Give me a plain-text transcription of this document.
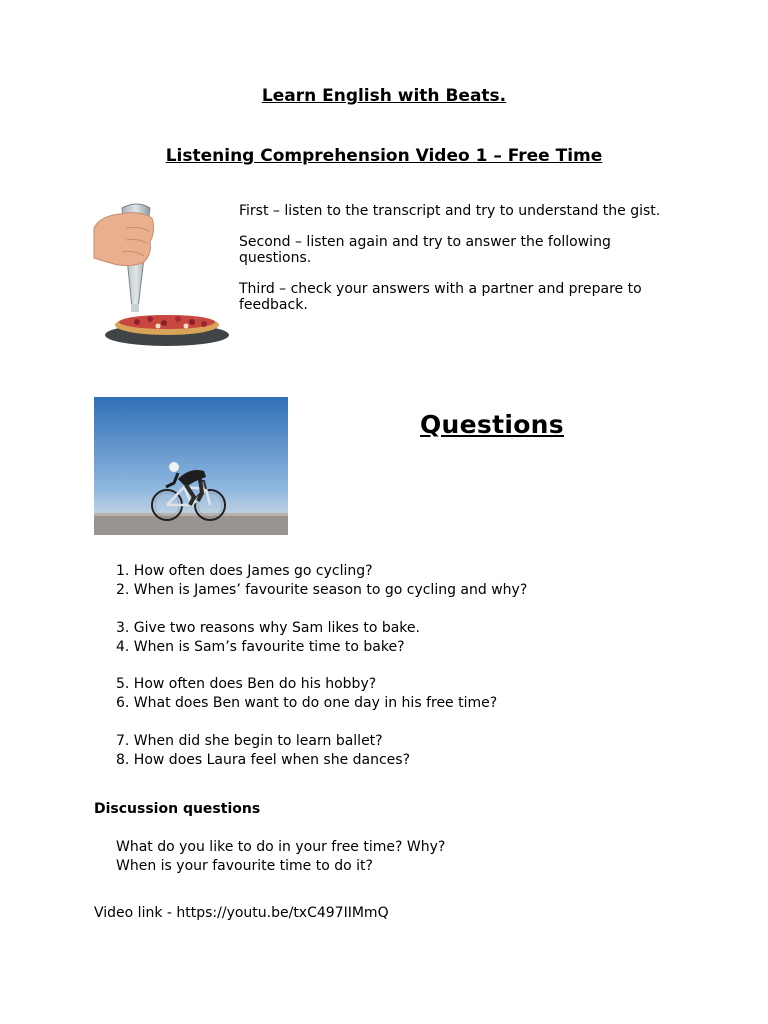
Learn English with Beats.
Listening Comprehension Video 1 – Free Time
First – listen to the transcript and try to understand the gist.
Second – listen again and try to answer the following questions.
Third – check your answers with a partner and prepare to feedback.
Questions
1. How often does James go cycling?
2. When is James’ favourite season to go cycling and why?
3. Give two reasons why Sam likes to bake.
4. When is Sam’s favourite time to bake?
5. How often does Ben do his hobby?
6. What does Ben want to do one day in his free time?
7. When did she begin to learn ballet?
8. How does Laura feel when she dances?
Discussion questions
What do you like to do in your free time? Why?
When is your favourite time to do it?
Video link - https://youtu.be/txC497IIMmQ
